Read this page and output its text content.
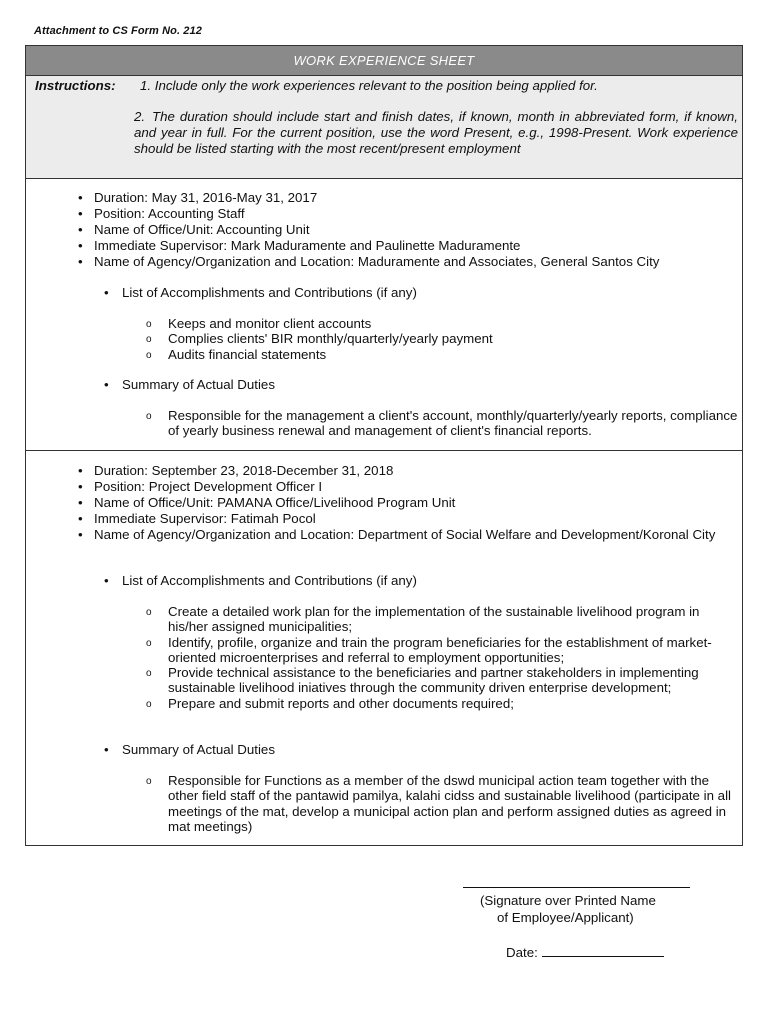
Attachment to CS Form No. 212
WORK EXPERIENCE SHEET
Instructions: 1. Include only the work experiences relevant to the position being applied for.
2. The duration should include start and finish dates, if known, month in abbreviated form, if known, and year in full. For the current position, use the word Present, e.g., 1998-Present. Work experience should be listed starting with the most recent/present employment
• Duration: May 31, 2016-May 31, 2017
• Position: Accounting Staff
• Name of Office/Unit: Accounting Unit
• Immediate Supervisor: Mark Maduramente and Paulinette Maduramente
• Name of Agency/Organization and Location: Maduramente and Associates, General Santos City
• List of Accomplishments and Contributions (if any)
o Keeps and monitor client accounts
o Complies clients' BIR monthly/quarterly/yearly payment
o Audits financial statements
• Summary of Actual Duties
o Responsible for the management a client's account, monthly/quarterly/yearly reports, compliance of yearly business renewal and management of client's financial reports.
• Duration: September 23, 2018-December 31, 2018
• Position: Project Development Officer I
• Name of Office/Unit: PAMANA Office/Livelihood Program Unit
• Immediate Supervisor: Fatimah Pocol
• Name of Agency/Organization and Location: Department of Social Welfare and Development/Koronal City
• List of Accomplishments and Contributions (if any)
o Create a detailed work plan for the implementation of the sustainable livelihood program in his/her assigned municipalities;
o Identify, profile, organize and train the program beneficiaries for the establishment of market-oriented microenterprises and referral to employment opportunities;
o Provide technical assistance to the beneficiaries and partner stakeholders in implementing sustainable livelihood iniatives through the community driven enterprise development;
o Prepare and submit reports and other documents required;
• Summary of Actual Duties
o Responsible for Functions as a member of the dswd municipal action team together with the other field staff of the pantawid pamilya, kalahi cidss and sustainable livelihood (participate in all meetings of the mat, develop a municipal action plan and perform assigned duties as agreed in mat meetings)
(Signature over Printed Name
of Employee/Applicant)
Date:
